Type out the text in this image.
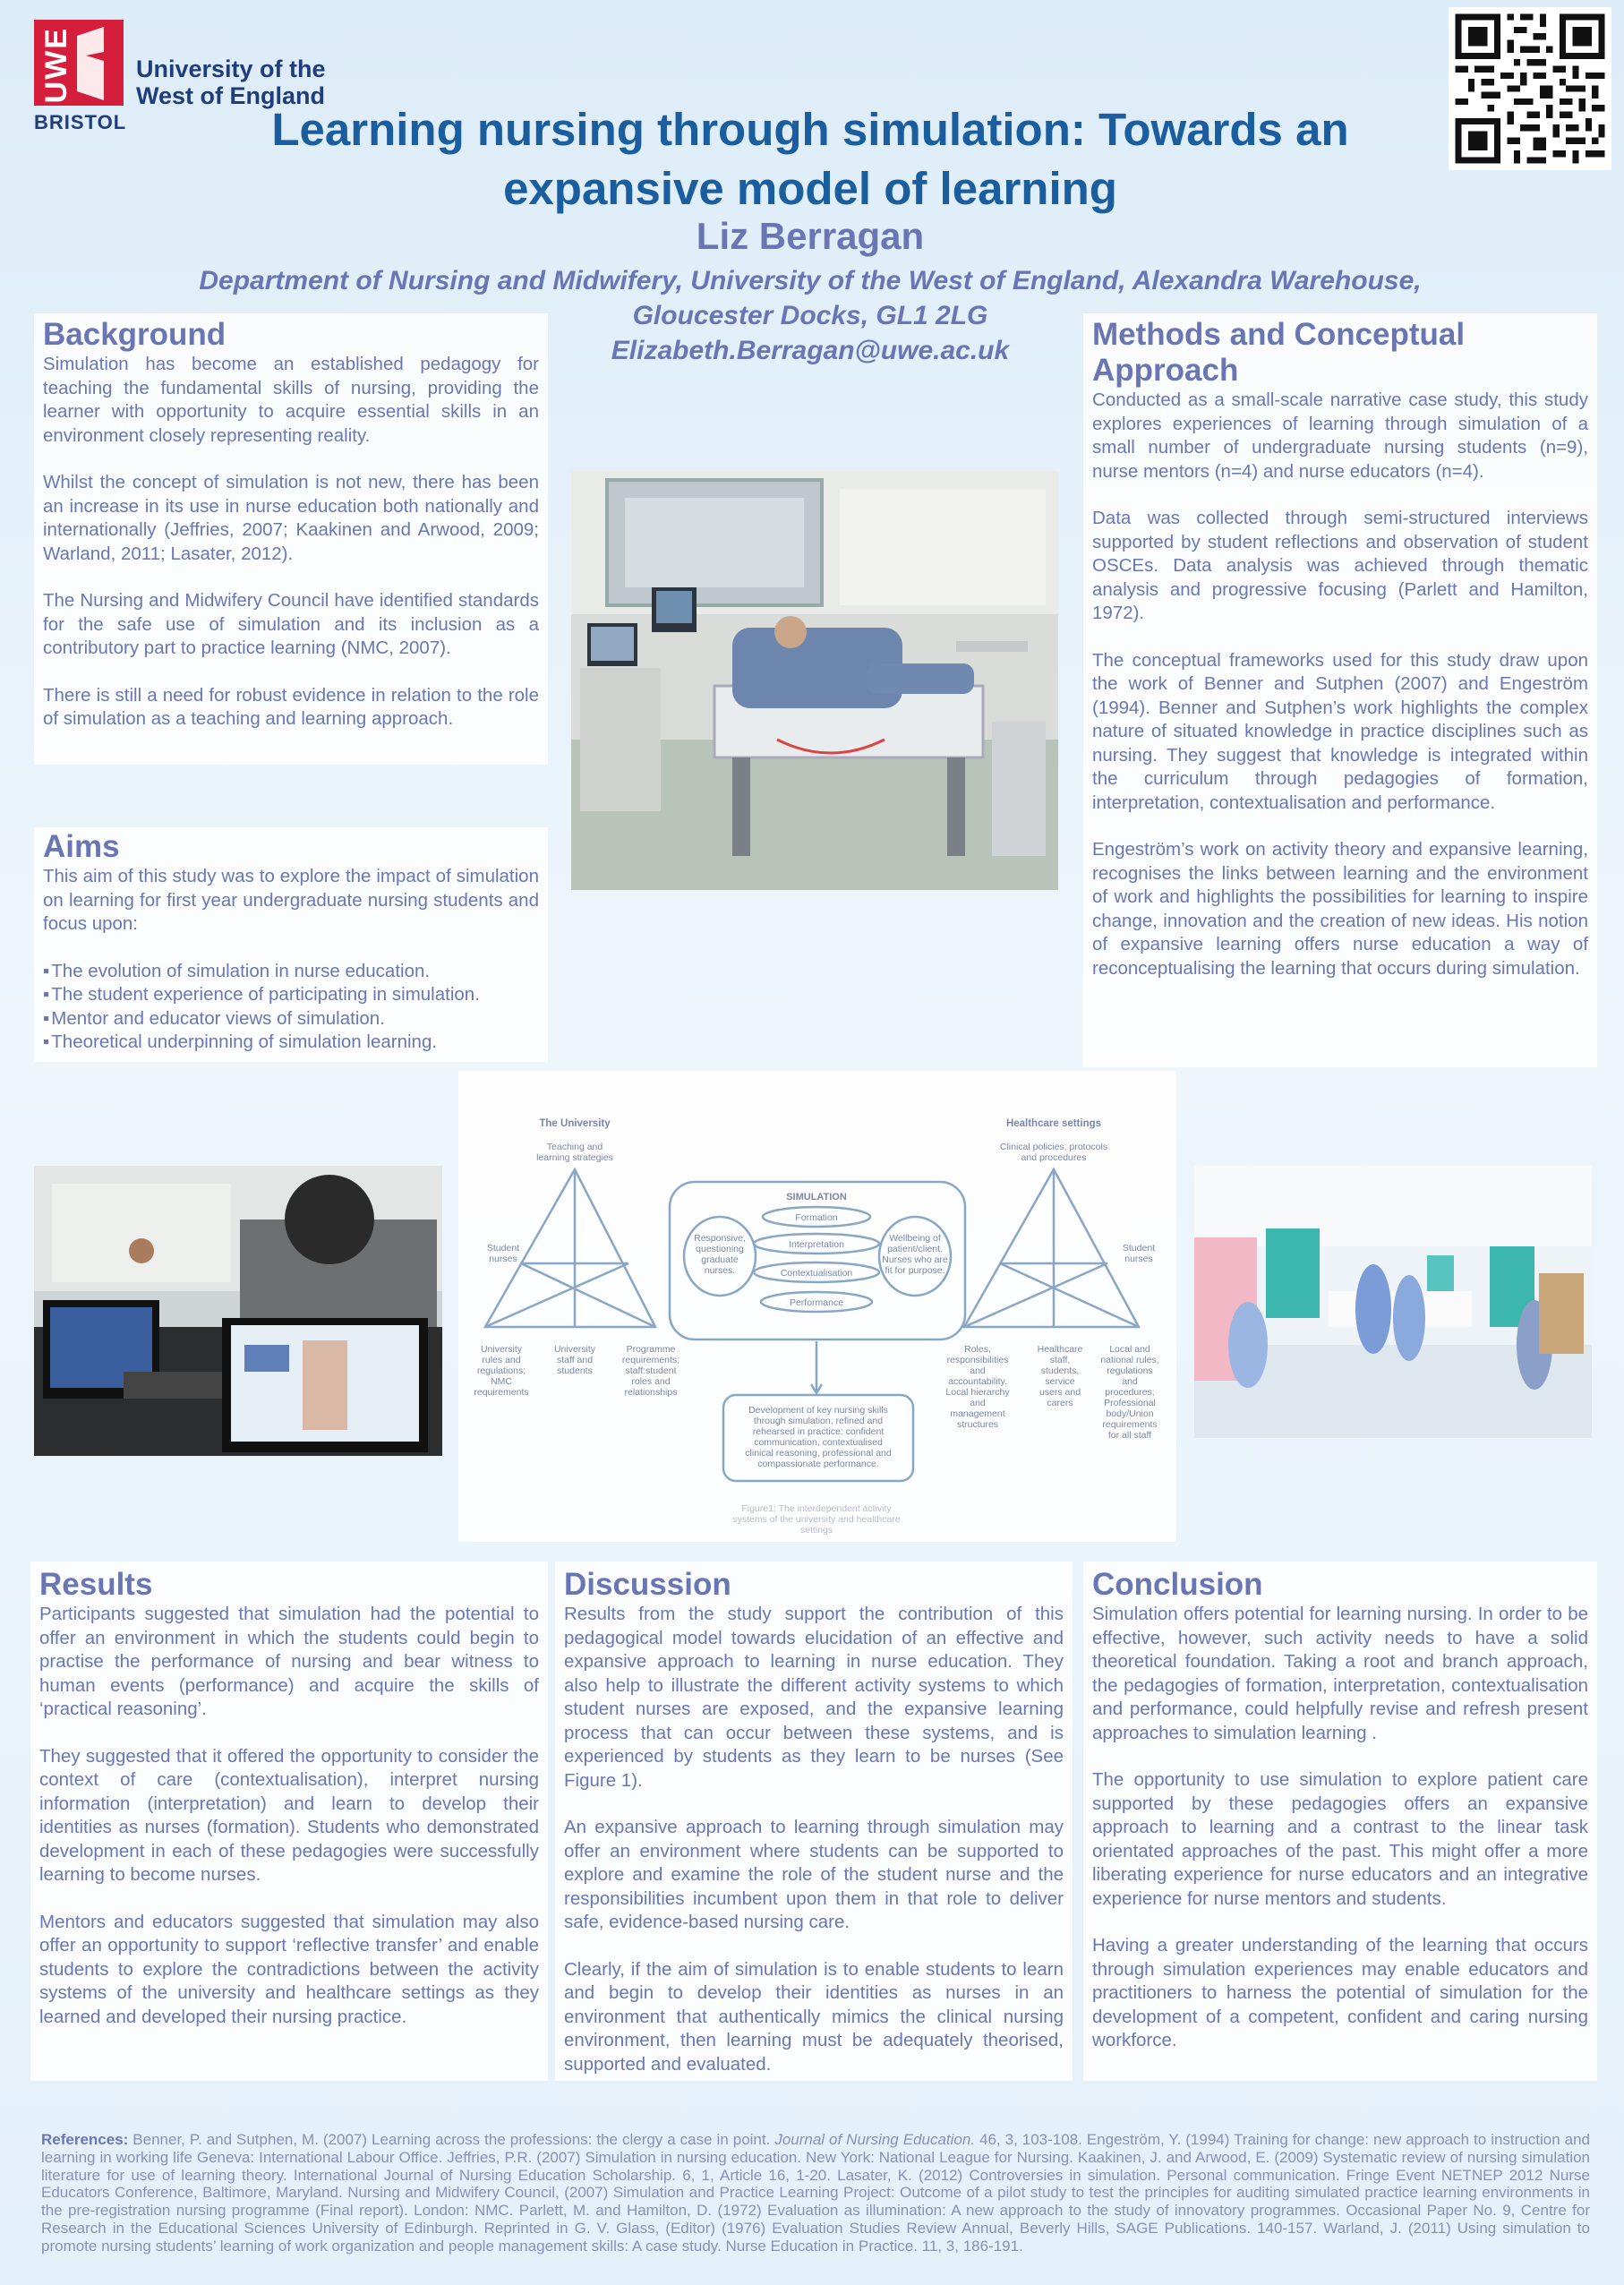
UWE	University of the
West of England
BRISTOL	Learning nursing through simulation: Towards an
expansive model of learning
Liz Berragan
Department of Nursing and Midwifery, University of the West of England, Alexandra Warehouse,
Gloucester Docks, GL1 2LG
Elizabeth.Berragan@uwe.ac.uk
Background

Simulation has become an established pedagogy for teaching the fundamental skills of nursing, providing the learner with opportunity to acquire essential skills in an environment closely representing reality.

Whilst the concept of simulation is not new, there has been an increase in its use in nurse education both nationally and internationally (Jeffries, 2007; Kaakinen and Arwood, 2009; Warland, 2011; Lasater, 2012).

The Nursing and Midwifery Council have identified standards for the safe use of simulation and its inclusion as a contributory part to practice learning (NMC, 2007).

There is still a need for robust evidence in relation to the role of simulation as a teaching and learning approach.

Aims

This aim of this study was to explore the impact of simulation on learning for first year undergraduate nursing students and focus upon:

▪ The evolution of simulation in nurse education.
▪ The student experience of participating in simulation.
▪ Mentor and educator views of simulation.
▪ Theoretical underpinning of simulation learning.
Methods and Conceptual
Approach

Conducted as a small-scale narrative case study, this study explores experiences of learning through simulation of a small number of undergraduate nursing students (n=9), nurse mentors (n=4) and nurse educators (n=4).

Data was collected through semi-structured interviews supported by student reflections and observation of student OSCEs. Data analysis was achieved through thematic analysis and progressive focusing (Parlett and Hamilton, 1972).

The conceptual frameworks used for this study draw upon the work of Benner and Sutphen (2007) and Engeström (1994). Benner and Sutphen’s work highlights the complex nature of situated knowledge in practice disciplines such as nursing. They suggest that knowledge is integrated within the curriculum through pedagogies of formation, interpretation, contextualisation and performance.

Engeström’s work on activity theory and expansive learning, recognises the links between learning and the environment of work and highlights the possibilities for learning to inspire change, innovation and the creation of new ideas. His notion of expansive learning offers nurse education a way of reconceptualising the learning that occurs during simulation.

The University	Healthcare settings
Teaching and
learning strategies
Student
nurses
University
rules and
regulations;
NMC
requirements
University
staff and
students
Programme
requirements;
staff:student
roles and
relationships
SIMULATION
Formation
Interpretation
Contextualisation
Performance
Responsive,
questioning
graduate
nurses.
Wellbeing of
patient/client.
Nurses who are
fit for purpose.
Clinical policies, protocols
and procedures
Student
nurses
Roles,
responsibilities
and
accountability.
Local hierarchy
and
management
structures
Healthcare
staff,
students,
service
users and
carers
Local and
national rules,
regulations
and
procedures;
Professional
body/Union
requirements
for all staff
Development of key nursing skills
through simulation, refined and
rehearsed in practice: confident
communication, contextualised
clinical reasoning, professional and
compassionate performance.
Figure1: The interdependent activity
systems of the university and healthcare
settings
Results

Participants suggested that simulation had the potential to offer an environment in which the students could begin to practise the performance of nursing and bear witness to human events (performance) and acquire the skills of ‘practical reasoning’.

They suggested that it offered the opportunity to consider the context of care (contextualisation), interpret nursing information (interpretation) and learn to develop their identities as nurses (formation). Students who demonstrated development in each of these pedagogies were successfully learning to become nurses.

Mentors and educators suggested that simulation may also offer an opportunity to support ‘reflective transfer’ and enable students to explore the contradictions between the activity systems of the university and healthcare settings as they learned and developed their nursing practice.

Discussion

Results from the study support the contribution of this pedagogical model towards elucidation of an effective and expansive approach to learning in nurse education. They also help to illustrate the different activity systems to which student nurses are exposed, and the expansive learning process that can occur between these systems, and is experienced by students as they learn to be nurses (See Figure 1).

An expansive approach to learning through simulation may offer an environment where students can be supported to explore and examine the role of the student nurse and the responsibilities incumbent upon them in that role to deliver safe, evidence-based nursing care.

Clearly, if the aim of simulation is to enable students to learn and begin to develop their identities as nurses in an environment that authentically mimics the clinical nursing environment, then learning must be adequately theorised, supported and evaluated.

Conclusion

Simulation offers potential for learning nursing. In order to be effective, however, such activity needs to have a solid theoretical foundation. Taking a root and branch approach, the pedagogies of formation, interpretation, contextualisation and performance, could helpfully revise and refresh present approaches to simulation learning .

The opportunity to use simulation to explore patient care supported by these pedagogies offers an expansive approach to learning and a contrast to the linear task orientated approaches of the past. This might offer a more liberating experience for nurse educators and an integrative experience for nurse mentors and students.

Having a greater understanding of the learning that occurs through simulation experiences may enable educators and practitioners to harness the potential of simulation for the development of a competent, confident and caring nursing workforce.

References: Benner, P. and Sutphen, M. (2007) Learning across the professions: the clergy a case in point. Journal of Nursing Education. 46, 3, 103-108. Engeström, Y. (1994) Training for change: new approach to instruction and learning in working life Geneva: International Labour Office. Jeffries, P.R. (2007) Simulation in nursing education. New York: National League for Nursing. Kaakinen, J. and Arwood, E. (2009) Systematic review of nursing simulation literature for use of learning theory. International Journal of Nursing Education Scholarship. 6, 1, Article 16, 1-20. Lasater, K. (2012) Controversies in simulation. Personal communication. Fringe Event NETNEP 2012 Nurse Educators Conference, Baltimore, Maryland. Nursing and Midwifery Council, (2007) Simulation and Practice Learning Project: Outcome of a pilot study to test the principles for auditing simulated practice learning environments in the pre-registration nursing programme (Final report). London: NMC. Parlett, M. and Hamilton, D. (1972) Evaluation as illumination: A new approach to the study of innovatory programmes. Occasional Paper No. 9, Centre for Research in the Educational Sciences University of Edinburgh. Reprinted in G. V. Glass, (Editor) (1976) Evaluation Studies Review Annual, Beverly Hills, SAGE Publications. 140-157. Warland, J. (2011) Using simulation to promote nursing students’ learning of work organization and people management skills: A case study. Nurse Education in Practice. 11, 3, 186-191.
